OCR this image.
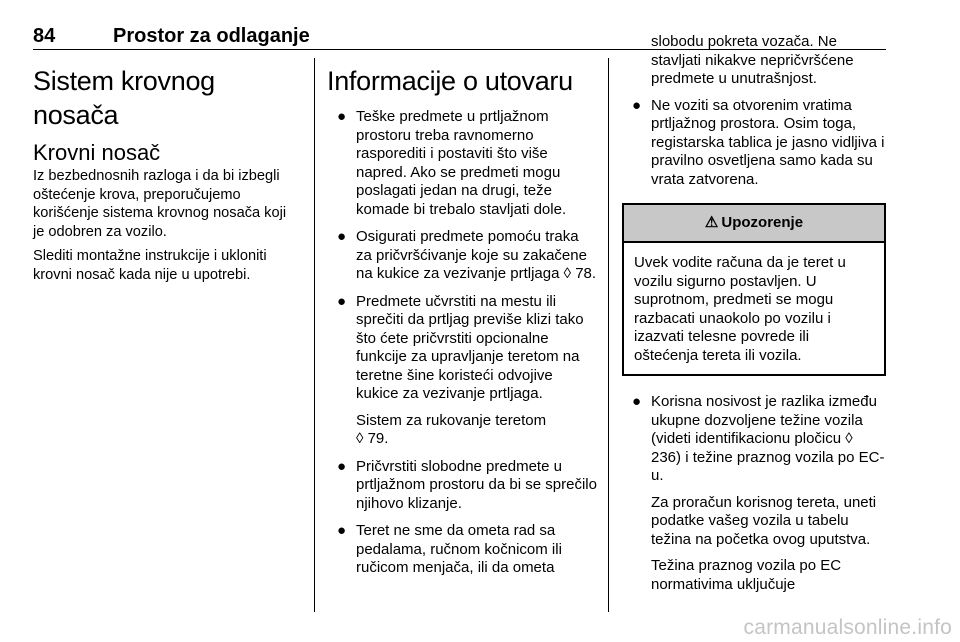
84	Prostor za odlaganje
Sistem krovnog nosača
Krovni nosač

Iz bezbednosnih razloga i da bi izbegli oštećenje krova, preporučujemo korišćenje sistema krovnog nosača koji je odobren za vozilo.

Slediti montažne instrukcije i ukloniti krovni nosač kada nije u upotrebi.

Informacije o utovaru
● Teške predmete u prtljažnom prostoru treba ravnomerno rasporediti i postaviti što više napred. Ako se predmeti mogu poslagati jedan na drugi, teže komade bi trebalo stavljati dole.
● Osigurati predmete pomoću traka za pričvršćivanje koje su zakačene na kukice za vezivanje prtljaga ◊ 78.
● Predmete učvrstiti na mestu ili sprečiti da prtljag previše klizi tako što ćete pričvrstiti opcionalne funkcije za upravljanje teretom na teretne šine koristeći odvojive kukice za vezivanje prtljaga.

Sistem za rukovanje teretom
◊ 79.

● Pričvrstiti slobodne predmete u prtljažnom prostoru da bi se sprečilo njihovo klizanje.
● Teret ne sme da ometa rad sa pedalama, ručnom kočnicom ili ručicom menjača, ili da ometa
slobodu pokreta vozača. Ne stavljati nikakve nepričvršćene predmete u unutrašnjost.
● Ne voziti sa otvorenim vratima prtljažnog prostora. Osim toga, registarska tablica je jasno vidljiva i pravilno osvetljena samo kada su vrata zatvorena.
⚠ Upozorenje
Uvek vodite računa da je teret u vozilu sigurno postavljen. U suprotnom, predmeti se mogu razbacati unaokolo po vozilu i izazvati telesne povrede ili oštećenja tereta ili vozila.
● Korisna nosivost je razlika između ukupne dozvoljene težine vozila (videti identifikacionu pločicu ◊ 236) i težine praznog vozila po EC-u.

Za proračun korisnog tereta, uneti podatke vašeg vozila u tabelu težina na početka ovog uputstva.

Težina praznog vozila po EC normativima uključuje

carmanualsonline.info
